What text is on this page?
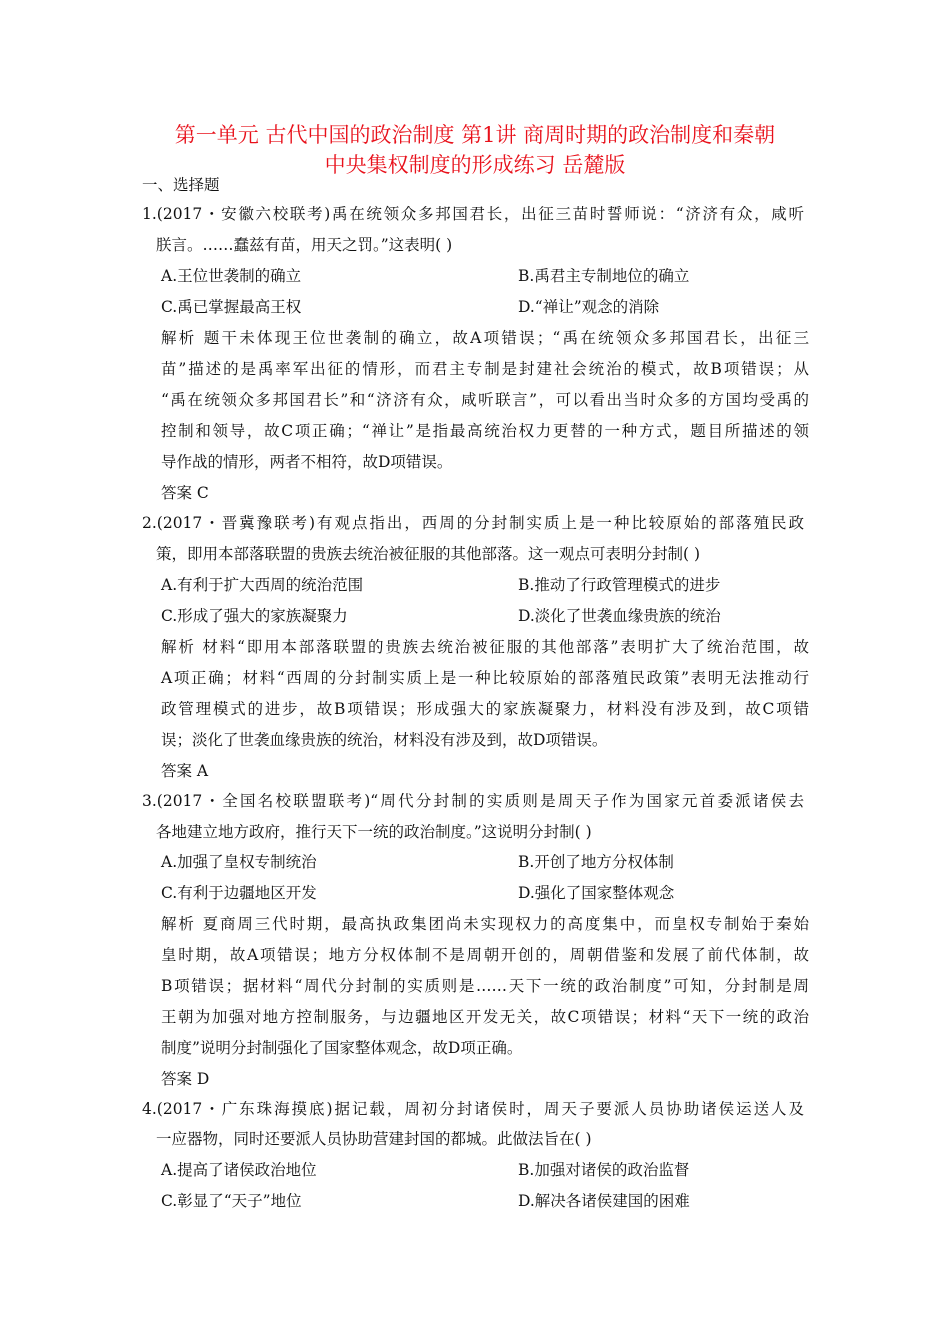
第一单元 古代中国的政治制度 第1讲 商周时期的政治制度和秦朝
中央集权制度的形成练习 岳麓版
一、选择题
1.(2017・安徽六校联考)禹在统领众多邦国君长，出征三苗时誓师说：“济济有众，咸听
朕言。……蠢兹有苗，用天之罚。”这表明( )
A.王位世袭制的确立	B.禹君主专制地位的确立
C.禹已掌握最高王权	D.“禅让”观念的消除
解析 题干未体现王位世袭制的确立，故A项错误；“禹在统领众多邦国君长，出征三
苗”描述的是禹率军出征的情形，而君主专制是封建社会统治的模式，故B项错误；从
“禹在统领众多邦国君长”和“济济有众，咸听联言”，可以看出当时众多的方国均受禹的
控制和领导，故C项正确；“禅让”是指最高统治权力更替的一种方式，题目所描述的领
导作战的情形，两者不相符，故D项错误。
答案 C
2.(2017・晋冀豫联考)有观点指出，西周的分封制实质上是一种比较原始的部落殖民政
策，即用本部落联盟的贵族去统治被征服的其他部落。这一观点可表明分封制( )
A.有利于扩大西周的统治范围	B.推动了行政管理模式的进步
C.形成了强大的家族凝聚力	D.淡化了世袭血缘贵族的统治
解析 材料“即用本部落联盟的贵族去统治被征服的其他部落”表明扩大了统治范围，故
A项正确；材料“西周的分封制实质上是一种比较原始的部落殖民政策”表明无法推动行
政管理模式的进步，故B项错误；形成强大的家族凝聚力，材料没有涉及到，故C项错
误；淡化了世袭血缘贵族的统治，材料没有涉及到，故D项错误。
答案 A
3.(2017・全国名校联盟联考)“周代分封制的实质则是周天子作为国家元首委派诸侯去
各地建立地方政府，推行天下一统的政治制度。”这说明分封制( )
A.加强了皇权专制统治	B.开创了地方分权体制
C.有利于边疆地区开发	D.强化了国家整体观念
解析 夏商周三代时期，最高执政集团尚未实现权力的高度集中，而皇权专制始于秦始
皇时期，故A项错误；地方分权体制不是周朝开创的，周朝借鉴和发展了前代体制，故
B项错误；据材料“周代分封制的实质则是……天下一统的政治制度”可知，分封制是周
王朝为加强对地方控制服务，与边疆地区开发无关，故C项错误；材料“天下一统的政治
制度”说明分封制强化了国家整体观念，故D项正确。
答案 D
4.(2017・广东珠海摸底)据记载，周初分封诸侯时，周天子要派人员协助诸侯运送人及
一应器物，同时还要派人员协助营建封国的都城。此做法旨在( )
A.提高了诸侯政治地位	B.加强对诸侯的政治监督
C.彰显了“天子”地位	D.解决各诸侯建国的困难
